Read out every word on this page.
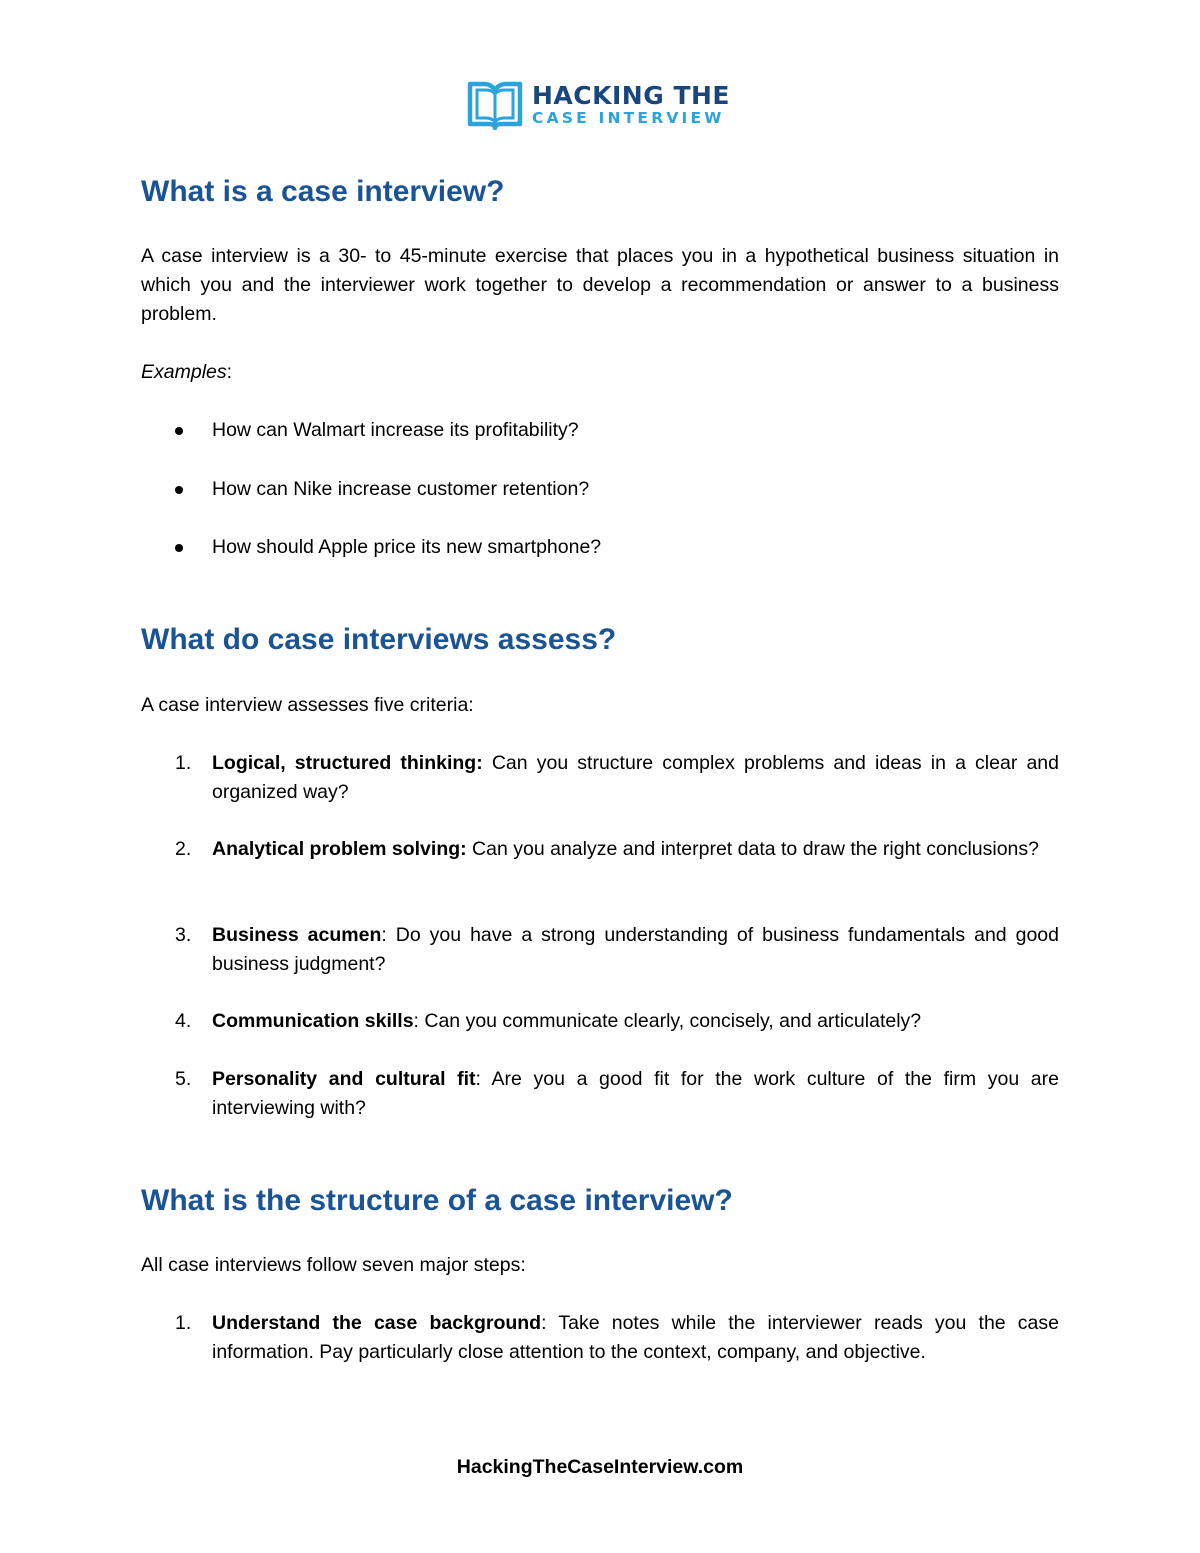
HACKING THE
CASE INTERVIEW
What is a case interview?

A case interview is a 30- to 45-minute exercise that places you in a hypothetical business situation in which you and the interviewer work together to develop a recommendation or answer to a business problem.

Examples:

How can Walmart increase its profitability?
How can Nike increase customer retention?
How should Apple price its new smartphone?
What do case interviews assess?

A case interview assesses five criteria:

1. Logical, structured thinking: Can you structure complex problems and ideas in a clear and organized way?
2. Analytical problem solving: Can you analyze and interpret data to draw the right conclusions?
3. Business acumen: Do you have a strong understanding of business fundamentals and good business judgment?
4. Communication skills: Can you communicate clearly, concisely, and articulately?
5. Personality and cultural fit: Are you a good fit for the work culture of the firm you are interviewing with?
What is the structure of a case interview?

All case interviews follow seven major steps:

1. Understand the case background: Take notes while the interviewer reads you the case information. Pay particularly close attention to the context, company, and objective.
HackingTheCaseInterview.com
